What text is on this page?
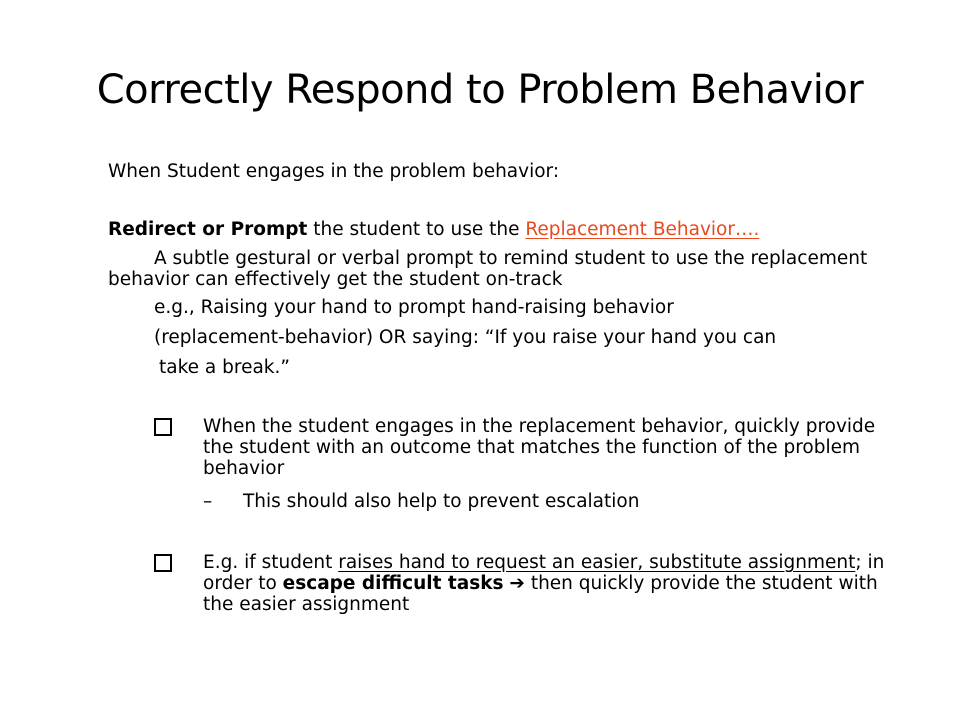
Correctly Respond to Problem Behavior
When Student engages in the problem behavior:
Redirect or Prompt the student to use the Replacement Behavior….
A subtle gestural or verbal prompt to remind student to use the replacement behavior can effectively get the student on-track
e.g., Raising your hand to prompt hand-raising behavior
(replacement-behavior) OR saying: “If you raise your hand you can
take a break.”
When the student engages in the replacement behavior, quickly provide the student with an outcome that matches the function of the problem behavior
– This should also help to prevent escalation
E.g. if student raises hand to request an easier, substitute assignment; in order to escape difficult tasks ➔ then quickly provide the student with the easier assignment
